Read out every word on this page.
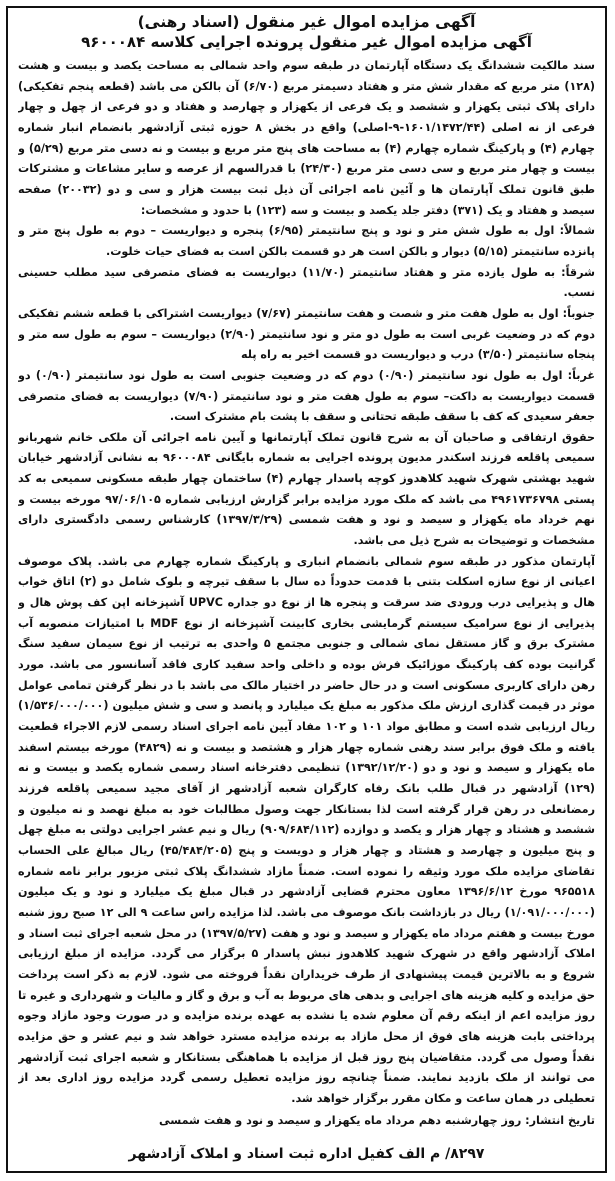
آگهی مزایده اموال غیر منقول (اسناد رهنی)
آگهی مزایده اموال غیر منقول پرونده اجرایی کلاسه ۹۶۰۰۰۸۴

سند مالکیت ششدانگ یک دستگاه آپارتمان در طبقه سوم واحد شمالی به مساحت یکصد و بیست و هشت (۱۲۸) متر مربع که مقدار شش متر و هفتاد دسیمتر مربع (۶/۷۰) آن بالکن می باشد (قطعه پنجم تفکیکی) دارای پلاک ثبتی یکهزار و ششصد و یک فرعی از یکهزار و چهارصد و هفتاد و دو فرعی از چهل و چهار فرعی از نه اصلی (۱۶۰۱/۱۴۷۲/۴۴-۹-اصلی) واقع در بخش ۸ حوزه ثبتی آزادشهر بانضمام انبار شماره چهارم (۴) و پارکینگ شماره چهارم (۴) به مساحت های پنج متر مربع و بیست و نه دسی متر مربع (۵/۲۹) و بیست و چهار متر مربع و سی دسی متر مربع (۲۴/۳۰) با قدرالسهم از عرصه و سایر مشاعات و مشترکات طبق قانون تملک آپارتمان ها و آئین نامه اجرائی آن ذیل ثبت بیست هزار و سی و دو (۲۰۰۳۲) صفحه سیصد و هفتاد و یک (۳۷۱) دفتر جلد یکصد و بیست و سه (۱۲۳) با حدود و مشخصات:

شمالاً: اول به طول شش متر و نود و پنج سانتیمتر (۶/۹۵) پنجره و دیواریست – دوم به طول پنج متر و پانزده سانتیمتر (۵/۱۵) دیوار و بالکن است هر دو قسمت بالکن است به فضای حیات خلوت.

شرقاً: به طول یازده متر و هفتاد سانتیمتر (۱۱/۷۰) دیواریست به فضای متصرفی سید مطلب حسینی نسب.

جنوباً: اول به طول هفت متر و شصت و هفت سانتیمتر (۷/۶۷) دیواریست اشتراکی با قطعه ششم تفکیکی دوم که در وضعیت غربی است به طول دو متر و نود سانتیمتر (۲/۹۰) دیواریست – سوم به طول سه متر و پنجاه سانتیمتر (۳/۵۰) درب و دیواریست دو قسمت اخیر به راه پله

غرباً: اول به طول نود سانتیمتر (۰/۹۰) دوم که در وضعیت جنوبی است به طول نود سانتیمتر (۰/۹۰) دو قسمت دیواریست به داکت– سوم به طول هفت متر و نود سانتیمتر (۷/۹۰) دیواریست به فضای متصرفی جعفر سعیدی که کف با سقف طبقه تحتانی و سقف با پشت بام مشترک است.

حقوق ارتفاقی و صاحبان آن به شرح قانون تملک آپارتمانها و آیین نامه اجرائی آن ملکی خانم شهربانو سمیعی پاقلعه فرزند اسکندر مدیون پرونده اجرایی به شماره بایگانی ۹۶۰۰۰۸۴ به نشانی آزادشهر خیابان شهید بهشتی شهرک شهید کلاهدوز کوچه پاسدار چهارم (۴) ساختمان چهار طبقه مسکونی سمیعی به کد پستی ۴۹۶۱۷۳۶۷۹۸ می باشد که ملک مورد مزایده برابر گزارش ارزیابی شماره ۹۷/۰۶/۱۰۵ مورخه بیست و نهم خرداد ماه یکهزار و سیصد و نود و هفت شمسی (۱۳۹۷/۳/۲۹) کارشناس رسمی دادگستری دارای مشخصات و توضیحات به شرح ذیل می باشد.

آپارتمان مذکور در طبقه سوم شمالی بانضمام انباری و پارکینگ شماره چهارم می باشد. پلاک موصوف اعیانی از نوع سازه اسکلت بتنی با قدمت حدوداً ده سال با سقف تیرچه و بلوک شامل دو (۲) اتاق خواب هال و پذیرایی درب ورودی ضد سرقت و پنجره ها از نوع دو جداره UPVC آشپزخانه اپن کف پوش هال و پذیرایی از نوع سرامیک سیستم گرمایشی بخاری کابینت آشپزخانه از نوع MDF با امتیازات منصوبه آب مشترک برق و گاز مستقل نمای شمالی و جنوبی مجتمع ۵ واحدی به ترتیب از نوع سیمان سفید سنگ گرانیت بوده کف پارکینگ موزائیک فرش بوده و داخلی واحد سفید کاری فاقد آسانسور می باشد. مورد رهن دارای کاربری مسکونی است و در حال حاضر در اختیار مالک می باشد با در نظر گرفتن تمامی عوامل موثر در قیمت گذاری ارزش ملک مذکور به مبلغ یک میلیارد و پانصد و سی و شش میلیون (۱/۵۳۶/۰۰۰/۰۰۰) ریال ارزیابی شده است و مطابق مواد ۱۰۱ و ۱۰۲ مفاد آیین نامه اجرای اسناد رسمی لازم الاجراء قطعیت یافته و ملک فوق برابر سند رهنی شماره چهار هزار و هشتصد و بیست و نه (۴۸۲۹) مورخه بیستم اسفند ماه یکهزار و سیصد و نود و دو (۱۳۹۲/۱۲/۲۰) تنظیمی دفترخانه اسناد رسمی شماره یکصد و بیست و نه (۱۲۹) آزادشهر در قبال طلب بانک رفاه کارگران شعبه آزادشهر از آقای مجید سمیعی پاقلعه فرزند رمضانعلی در رهن قرار گرفته است لذا بستانکار جهت وصول مطالبات خود به مبلغ نهصد و نه میلیون و ششصد و هشتاد و چهار هزار و یکصد و دوازده (۹۰۹/۶۸۴/۱۱۲) ریال و نیم عشر اجرایی دولتی به مبلغ چهل و پنج میلیون و چهارصد و هشتاد و چهار هزار و دویست و پنج (۴۵/۴۸۴/۲۰۵) ریال مبالغ علی الحساب تقاضای مزایده ملک مورد وثیقه را نموده است. ضمناً مازاد ششدانگ پلاک ثبتی مزبور برابر نامه شماره ۹۶۵۵۱۸ مورخ ۱۳۹۶/۶/۱۲ معاون محترم قضایی آزادشهر در قبال مبلغ یک میلیارد و نود و یک میلیون (۱/۰۹۱/۰۰۰/۰۰۰) ریال در بازداشت بانک موصوف می باشد. لذا مزایده راس ساعت ۹ الی ۱۲ صبح روز شنبه مورخ بیست و هفتم مرداد ماه یکهزار و سیصد و نود و هفت (۱۳۹۷/۵/۲۷) در محل شعبه اجرای ثبت اسناد و املاک آزادشهر واقع در شهرک شهید کلاهدوز نبش پاسدار ۵ برگزار می گردد. مزایده از مبلغ ارزیابی شروع و به بالاترین قیمت پیشنهادی از طرف خریداران نقداً فروخته می شود. لازم به ذکر است پرداخت حق مزایده و کلیه هزینه های اجرایی و بدهی های مربوط به آب و برق و گاز و مالیات و شهرداری و غیره تا روز مزایده اعم از اینکه رقم آن معلوم شده یا نشده به عهده برنده مزایده و در صورت وجود مازاد وجوه پرداختی بابت هزینه های فوق از محل مازاد به برنده مزایده مسترد خواهد شد و نیم عشر و حق مزایده نقداً وصول می گردد. متقاضیان پنج روز قبل از مزایده با هماهنگی بستانکار و شعبه اجرای ثبت آزادشهر می توانند از ملک بازدید نمایند. ضمناً چنانچه روز مزایده تعطیل رسمی گردد مزایده روز اداری بعد از تعطیلی در همان ساعت و مکان مقرر برگزار خواهد شد.

تاریخ انتشار: روز چهارشنبه دهم مرداد ماه یکهزار و سیصد و نود و هفت شمسی

۸۲۹۷/ م الف کفیل اداره ثبت اسناد و املاک آزادشهر
